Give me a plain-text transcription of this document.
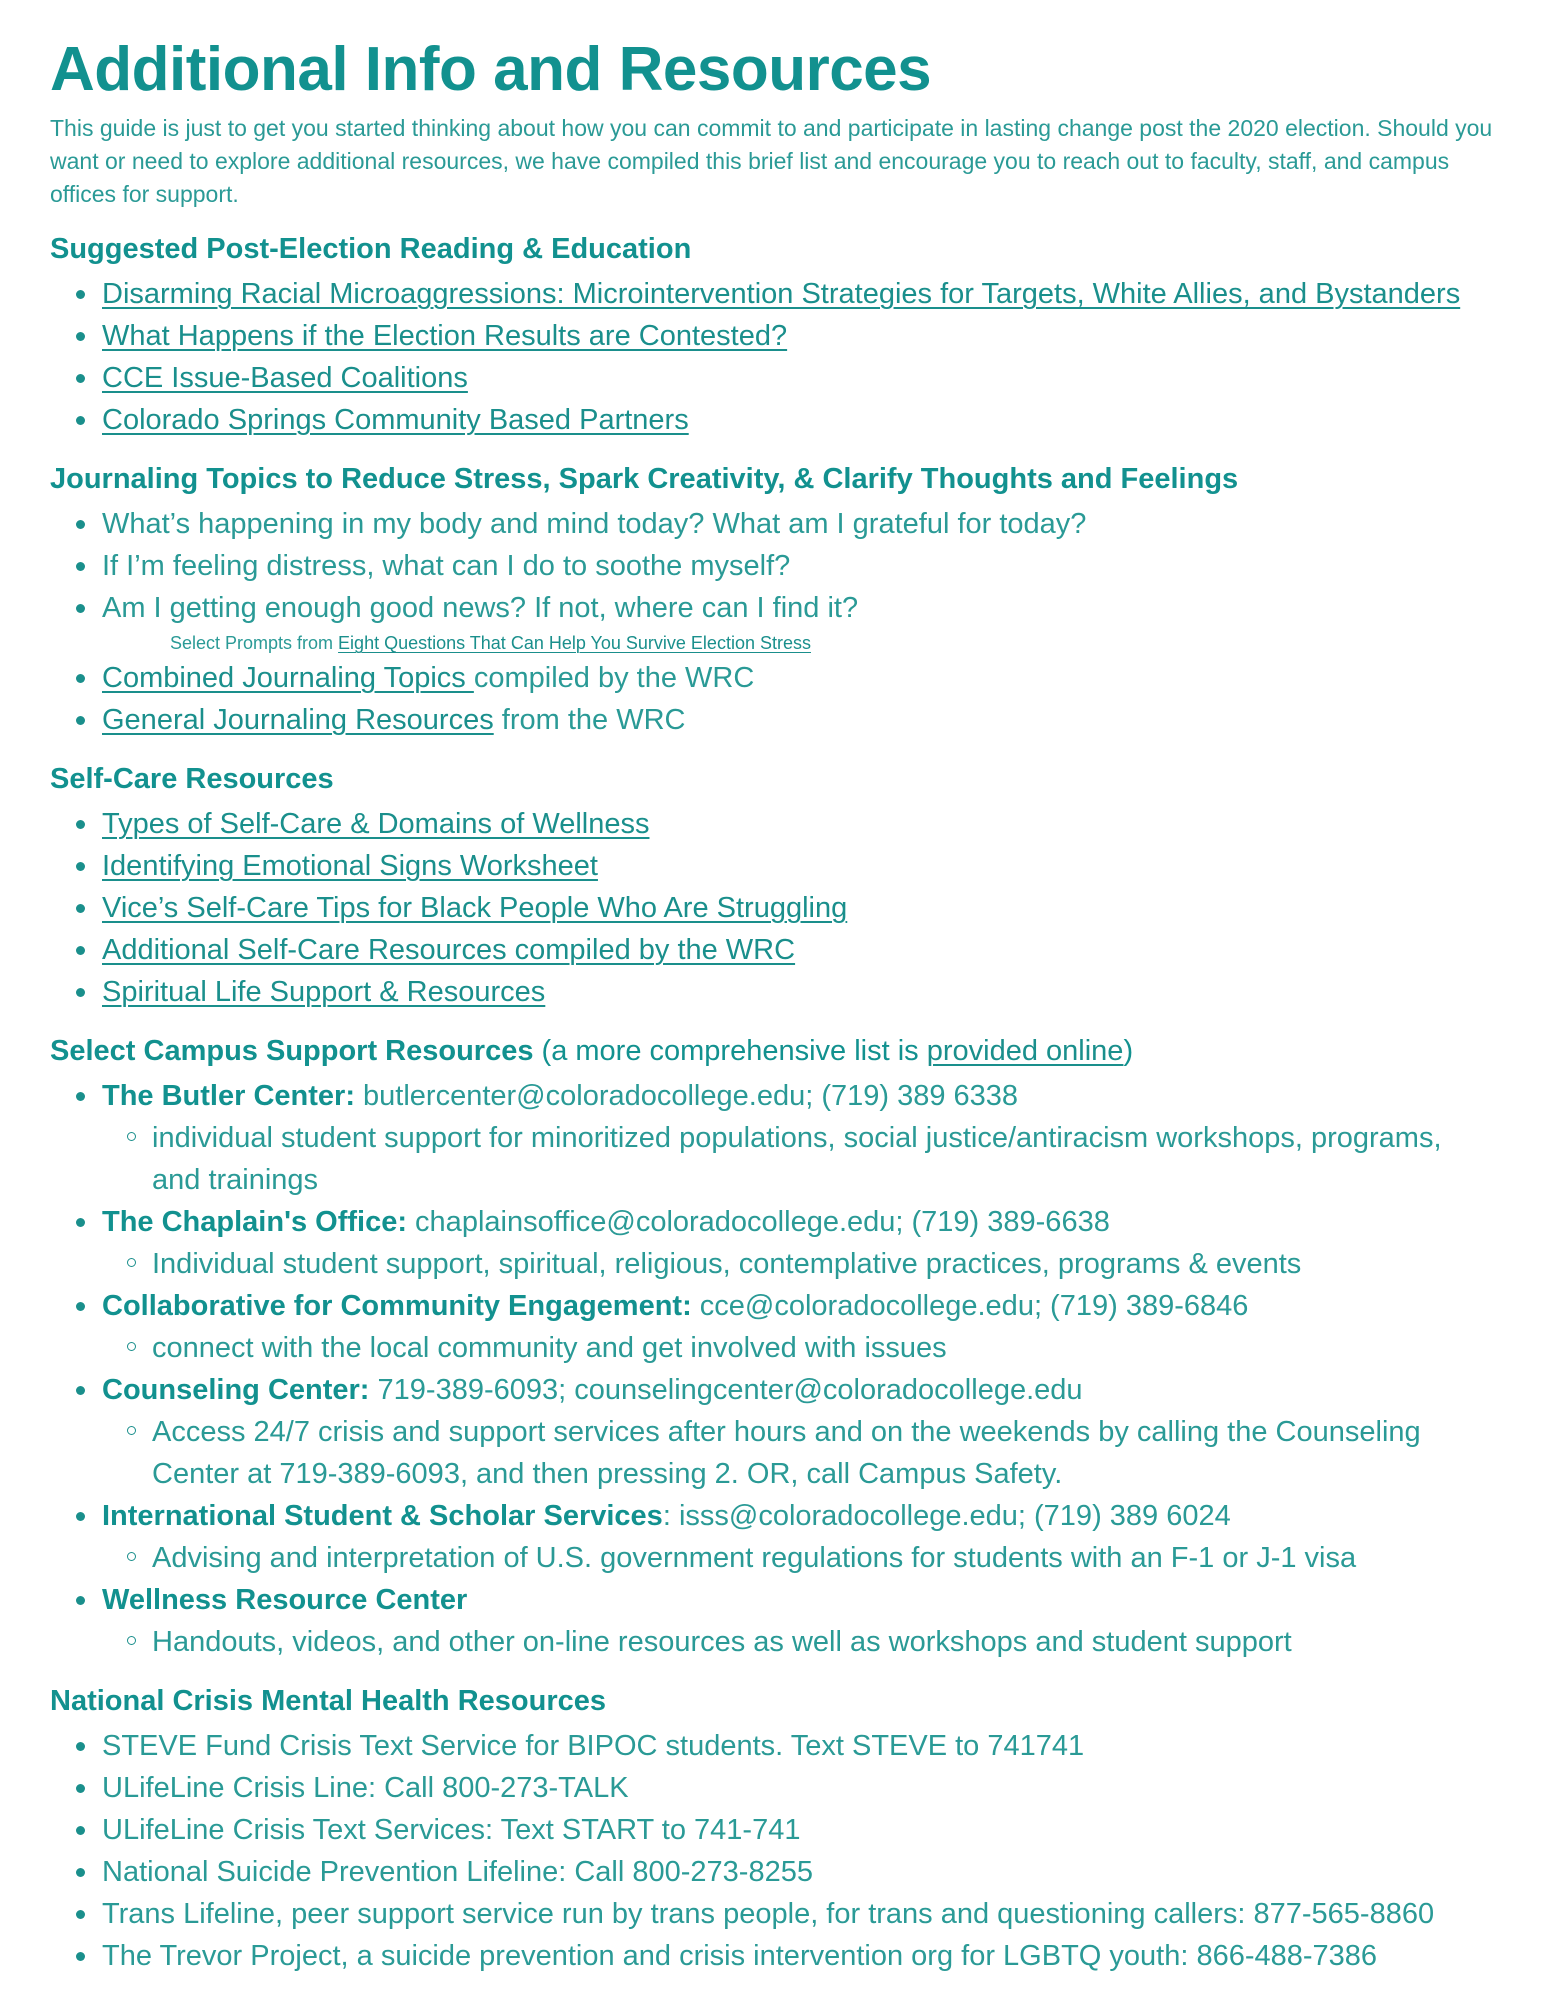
Additional Info and Resources

This guide is just to get you started thinking about how you can commit to and participate in lasting change post the 2020 election. Should you want or need to explore additional resources, we have compiled this brief list and encourage you to reach out to faculty, staff, and campus offices for support.

Suggested Post-Election Reading & Education
Disarming Racial Microaggressions: Microintervention Strategies for Targets, White Allies, and Bystanders
What Happens if the Election Results are Contested?
CCE Issue-Based Coalitions
Colorado Springs Community Based Partners
Journaling Topics to Reduce Stress, Spark Creativity, & Clarify Thoughts and Feelings
What’s happening in my body and mind today? What am I grateful for today?
If I’m feeling distress, what can I do to soothe myself?
Am I getting enough good news? If not, where can I find it?
Select Prompts from Eight Questions That Can Help You Survive Election Stress
Combined Journaling Topics compiled by the WRC
General Journaling Resources from the WRC
Self-Care Resources
Types of Self-Care & Domains of Wellness
Identifying Emotional Signs Worksheet
Vice’s Self-Care Tips for Black People Who Are Struggling
Additional Self-Care Resources compiled by the WRC
Spiritual Life Support & Resources
Select Campus Support Resources (a more comprehensive list is provided online)
The Butler Center: butlercenter@coloradocollege.edu; (719) 389 6338
individual student support for minoritized populations, social justice/antiracism workshops, programs, and trainings
The Chaplain's Office: chaplainsoffice@coloradocollege.edu; (719) 389-6638
Individual student support, spiritual, religious, contemplative practices, programs & events
Collaborative for Community Engagement: cce@coloradocollege.edu; (719) 389-6846
connect with the local community and get involved with issues
Counseling Center: 719-389-6093; counselingcenter@coloradocollege.edu
Access 24/7 crisis and support services after hours and on the weekends by calling the Counseling Center at 719-389-6093, and then pressing 2. OR, call Campus Safety.
International Student & Scholar Services: isss@coloradocollege.edu; (719) 389 6024
Advising and interpretation of U.S. government regulations for students with an F-1 or J-1 visa
Wellness Resource Center
Handouts, videos, and other on-line resources as well as workshops and student support
National Crisis Mental Health Resources
STEVE Fund Crisis Text Service for BIPOC students. Text STEVE to 741741
ULifeLine Crisis Line: Call 800-273-TALK
ULifeLine Crisis Text Services: Text START to 741-741
National Suicide Prevention Lifeline: Call 800-273-8255
Trans Lifeline, peer support service run by trans people, for trans and questioning callers: 877-565-8860
The Trevor Project, a suicide prevention and crisis intervention org for LGBTQ youth: 866-488-7386
